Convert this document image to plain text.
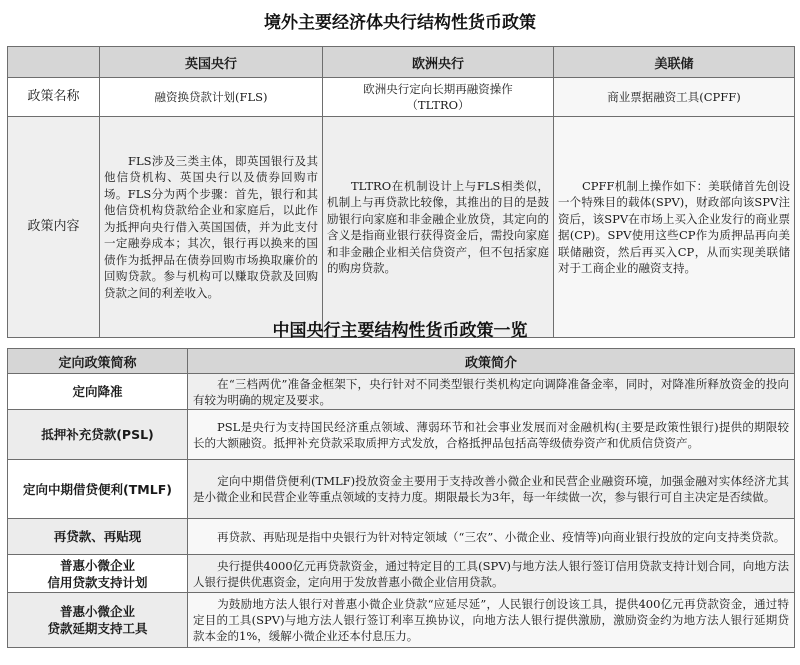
境外主要经济体央行结构性货币政策
	英国央行	欧洲央行	美联储
政策名称	融资换贷款计划(FLS)	欧洲央行定向长期再融资操作（TLTRO）	商业票据融资工具(CPFF)
政策内容	FLS涉及三类主体，即英国银行及其他信贷机构、英国央行以及债券回购市场。FLS分为两个步骤：首先，银行和其他信贷机构贷款给企业和家庭后，以此作为抵押向央行借入英国国债，并为此支付一定融券成本；其次，银行再以换来的国债作为抵押品在债券回购市场换取廉价的回购贷款。参与机构可以赚取贷款及回购贷款之间的利差收入。	TLTRO在机制设计上与FLS相类似，机制上与再贷款比较像，其推出的目的是鼓励银行向家庭和非金融企业放贷，其定向的含义是指商业银行获得资金后，需投向家庭和非金融企业相关信贷资产，但不包括家庭的购房贷款。	CPFF机制上操作如下：美联储首先创设一个特殊目的载体(SPV)，财政部向该SPV注资后，该SPV在市场上买入企业发行的商业票据(CP)。SPV使用这些CP作为质押品再向美联储融资，然后再买入CP，从而实现美联储对于工商企业的融资支持。
中国央行主要结构性货币政策一览
定向政策简称	政策简介
定向降准	在“三档两优”准备金框架下，央行针对不同类型银行类机构定向调降准备金率，同时，对降准所释放资金的投向有较为明确的规定及要求。
抵押补充贷款(PSL)	PSL是央行为支持国民经济重点领域、薄弱环节和社会事业发展而对金融机构(主要是政策性银行)提供的期限较长的大额融资。抵押补充贷款采取质押方式发放，合格抵押品包括高等级债券资产和优质信贷资产。
定向中期借贷便利(TMLF)	定向中期借贷便利(TMLF)投放资金主要用于支持改善小微企业和民营企业融资环境，加强金融对实体经济尤其是小微企业和民营企业等重点领域的支持力度。期限最长为3年，每一年续做一次，参与银行可自主决定是否续做。
再贷款、再贴现	再贷款、再贴现是指中央银行为针对特定领域（“三农”、小微企业、疫情等)向商业银行投放的定向支持类贷款。

普惠小微企业
信用贷款支持计划	央行提供4000亿元再贷款资金，通过特定目的工具(SPV)与地方法人银行签订信用贷款支持计划合同，向地方法人银行提供优惠资金，定向用于发放普惠小微企业信用贷款。

普惠小微企业
贷款延期支持工具	为鼓励地方法人银行对普惠小微企业贷款“应延尽延”，人民银行创设该工具，提供400亿元再贷款资金，通过特定目的工具(SPV)与地方法人银行签订利率互换协议，向地方法人银行提供激励，激励资金约为地方法人银行延期贷款本金的1%，缓解小微企业还本付息压力。
